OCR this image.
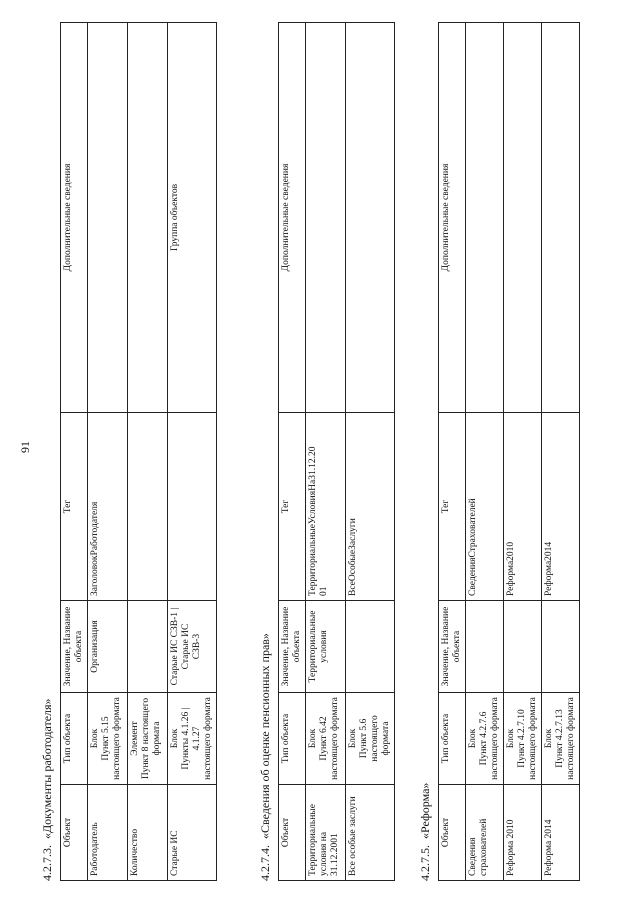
91
4.2.7.3.«Документы работодателя» Объект	Тип объекта	Значение, Название объекта	Тег	Дополнительные сведения
Работодатель	Блок
Пункт 5.15
настоящего формата	Организация	ЗаголовокРаботодателя	
Количество	Элемент
Пункт 8 настоящего
формата			
Старые ИС	Блок
Пункты 4.1.26 | 4.1.27
настоящего формата	Старые ИС СЗВ-1 | Старые ИС
СЗВ-3		Группа объектов
4.2.7.4.«Сведения об оценке пенсионных прав» Объект	Тип объекта	Значение, Название объекта	Тег	Дополнительные сведения
Территориальные условия на
31.12.2001	Блок
Пункт 6.42
настоящего формата	Территориальные условия	ТерриториальныеУсловияНа31.12.20
01	
Все особые заслуги	Блок
Пункт 5.6 настоящего
формата		ВсеОсобыеЗаслуги	
4.2.7.5.«Реформа» Объект	Тип объекта	Значение, Название объекта	Тег	Дополнительные сведения
Сведения страхователей	Блок
Пункт 4.2.7.6
настоящего формата		СведенияСтрахователей	
Реформа 2010	Блок
Пункт 4.2.7.10
настоящего формата		Реформа2010	
Реформа 2014	Блок
Пункт 4.2.7.13
настоящего формата		Реформа2014	
